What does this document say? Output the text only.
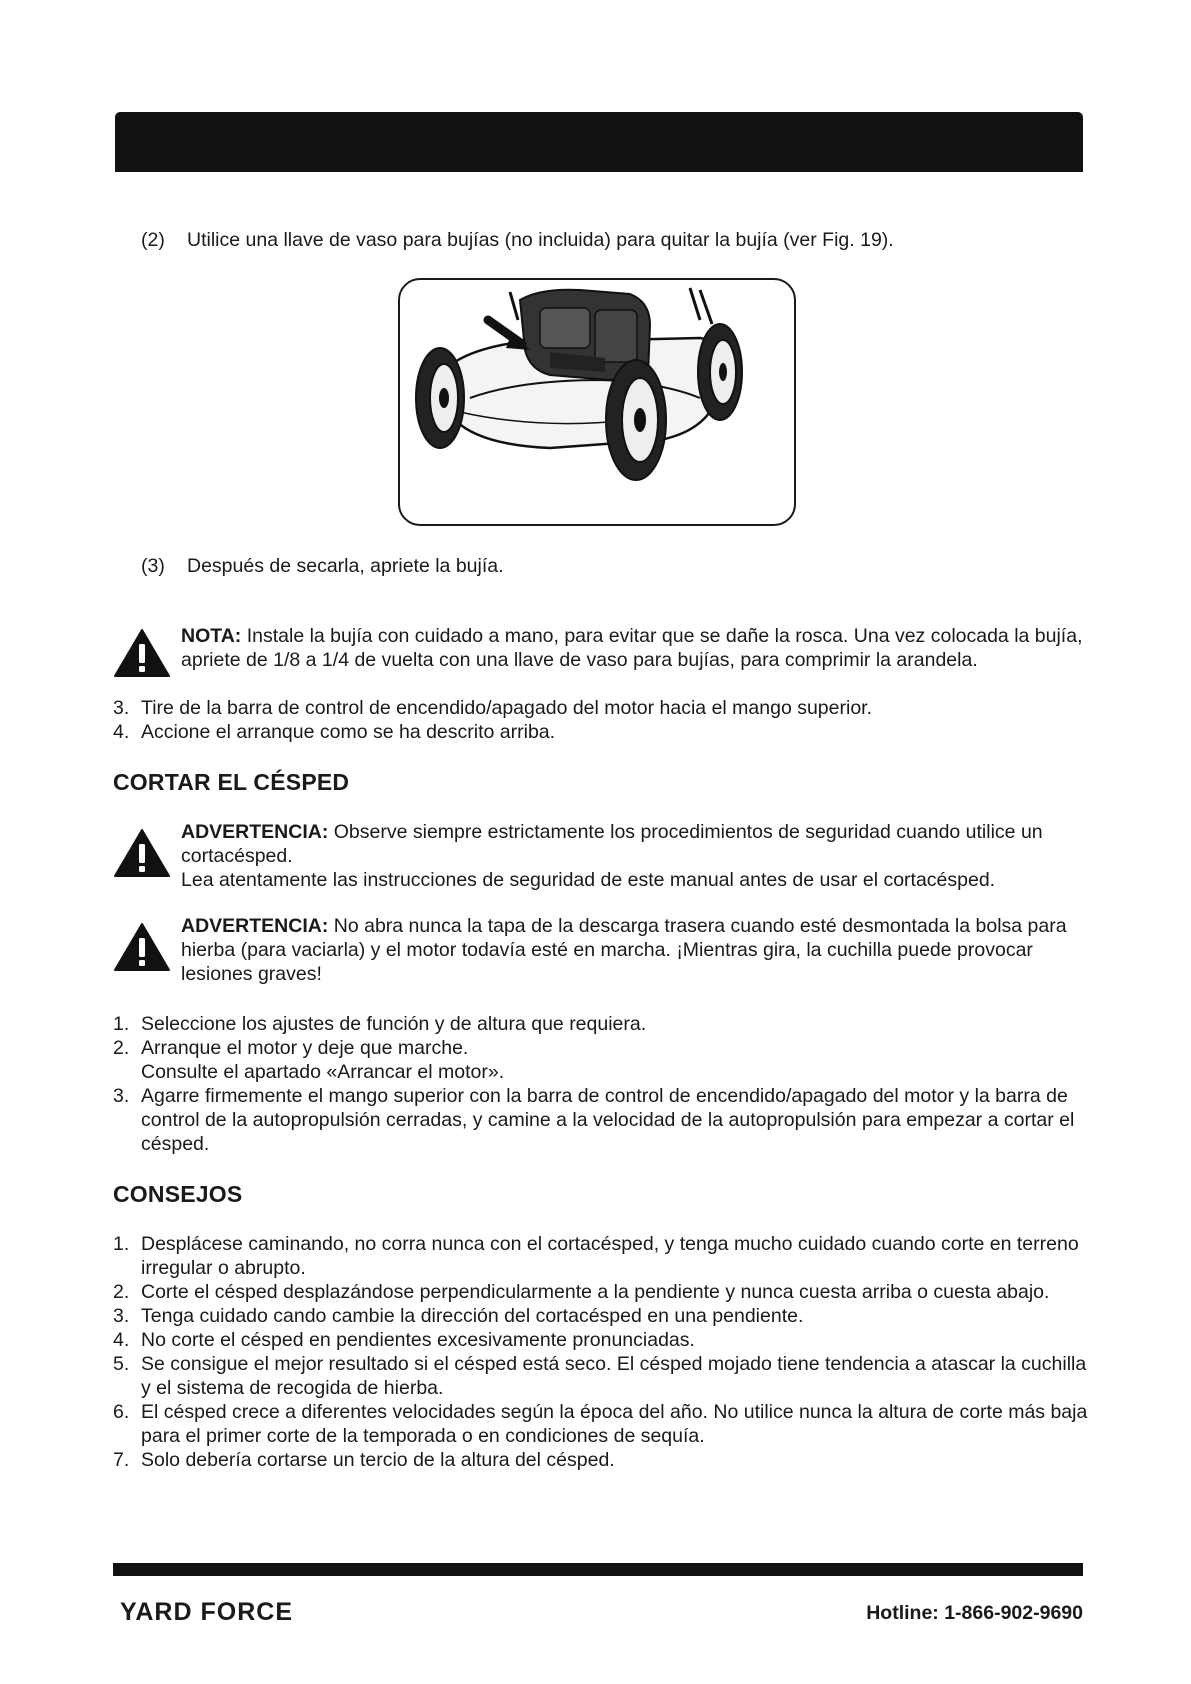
(2) Utilice una llave de vaso para bujías (no incluida) para quitar la bujía (ver Fig. 19).
(3) Después de secarla, apriete la bujía.
NOTA: Instale la bujía con cuidado a mano, para evitar que se dañe la rosca. Una vez colocada la bujía, apriete de 1/8 a 1/4 de vuelta con una llave de vaso para bujías, para comprimir la arandela.
3. Tire de la barra de control de encendido/apagado del motor hacia el mango superior.
4. Accione el arranque como se ha descrito arriba.
CORTAR EL CÉSPED
ADVERTENCIA: Observe siempre estrictamente los procedimientos de seguridad cuando utilice un cortacésped.
Lea atentamente las instrucciones de seguridad de este manual antes de usar el cortacésped.
ADVERTENCIA: No abra nunca la tapa de la descarga trasera cuando esté desmontada la bolsa para hierba (para vaciarla) y el motor todavía esté en marcha. ¡Mientras gira, la cuchilla puede provocar lesiones graves!
1. Seleccione los ajustes de función y de altura que requiera.
2. Arranque el motor y deje que marche.
Consulte el apartado «Arrancar el motor».
3. Agarre firmemente el mango superior con la barra de control de encendido/apagado del motor y la barra de control de la autopropulsión cerradas, y camine a la velocidad de la autopropulsión para empezar a cortar el césped.
CONSEJOS
1. Desplácese caminando, no corra nunca con el cortacésped, y tenga mucho cuidado cuando corte en terreno irregular o abrupto.
2. Corte el césped desplazándose perpendicularmente a la pendiente y nunca cuesta arriba o cuesta abajo.
3. Tenga cuidado cando cambie la dirección del cortacésped en una pendiente.
4. No corte el césped en pendientes excesivamente pronunciadas.
5. Se consigue el mejor resultado si el césped está seco. El césped mojado tiene tendencia a atascar la cuchilla y el sistema de recogida de hierba.
6. El césped crece a diferentes velocidades según la época del año. No utilice nunca la altura de corte más baja para el primer corte de la temporada o en condiciones de sequía.
7. Solo debería cortarse un tercio de la altura del césped.
YARD FORCE	Hotline: 1-866-902-9690
